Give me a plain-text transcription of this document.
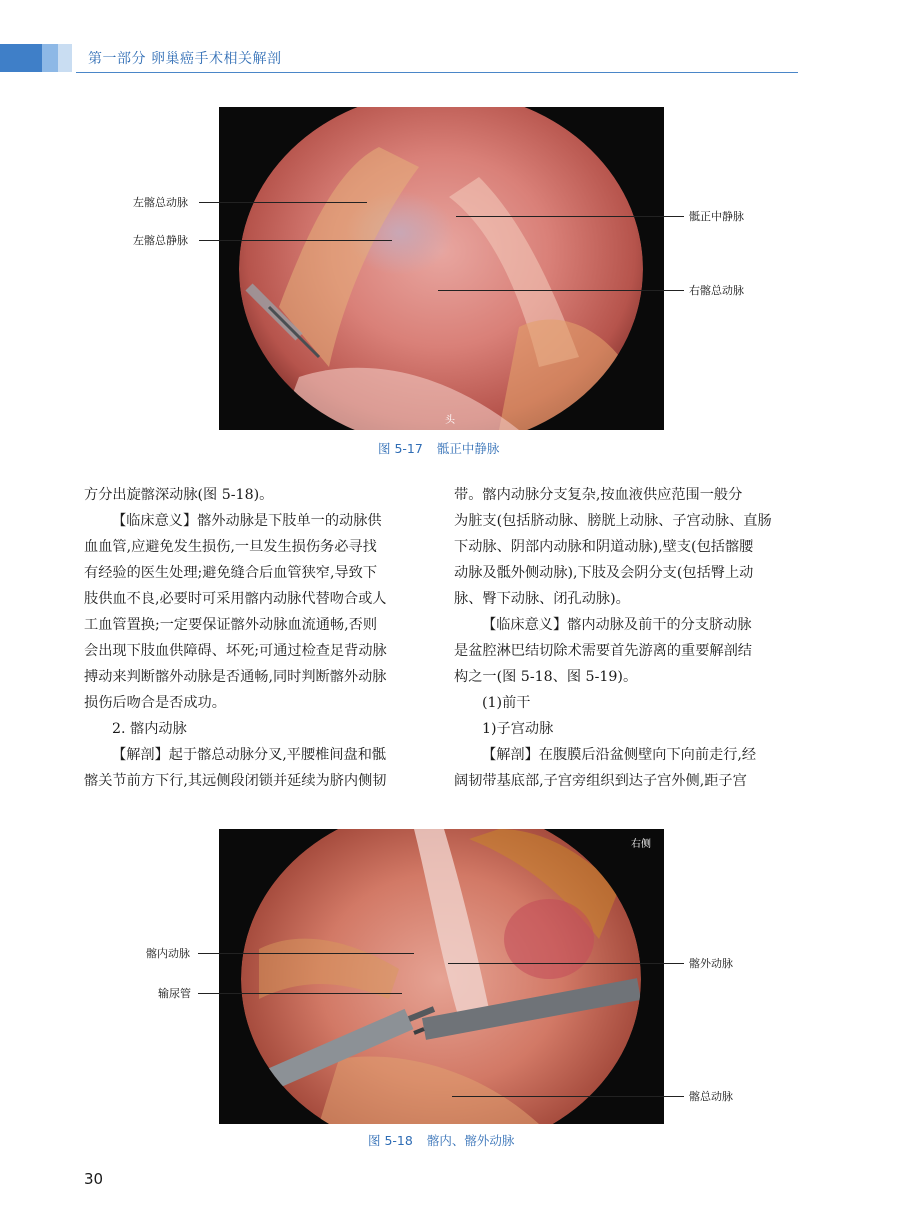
第一部分 卵巢癌手术相关解剖
头
左髂总动脉
左髂总静脉
骶正中静脉
右髂总动脉
图 5-17 骶正中静脉
方分出旋髂深动脉(图 5-18)。
【临床意义】髂外动脉是下肢单一的动脉供
血血管,应避免发生损伤,一旦发生损伤务必寻找
有经验的医生处理;避免缝合后血管狭窄,导致下
肢供血不良,必要时可采用髂内动脉代替吻合或人
工血管置换;一定要保证髂外动脉血流通畅,否则
会出现下肢血供障碍、坏死;可通过检查足背动脉
搏动来判断髂外动脉是否通畅,同时判断髂外动脉
损伤后吻合是否成功。
2. 髂内动脉
【解剖】起于髂总动脉分叉,平腰椎间盘和骶
髂关节前方下行,其远侧段闭锁并延续为脐内侧韧
带。髂内动脉分支复杂,按血液供应范围一般分
为脏支(包括脐动脉、膀胱上动脉、子宫动脉、直肠
下动脉、阴部内动脉和阴道动脉),壁支(包括髂腰
动脉及骶外侧动脉),下肢及会阴分支(包括臀上动
脉、臀下动脉、闭孔动脉)。
【临床意义】髂内动脉及前干的分支脐动脉
是盆腔淋巴结切除术需要首先游离的重要解剖结
构之一(图 5-18、图 5-19)。
(1)前干
1)子宫动脉
【解剖】在腹膜后沿盆侧壁向下向前走行,经
阔韧带基底部,子宫旁组织到达子宫外侧,距子宫
右侧
髂内动脉
输尿管
髂外动脉
髂总动脉
图 5-18 髂内、髂外动脉
30
